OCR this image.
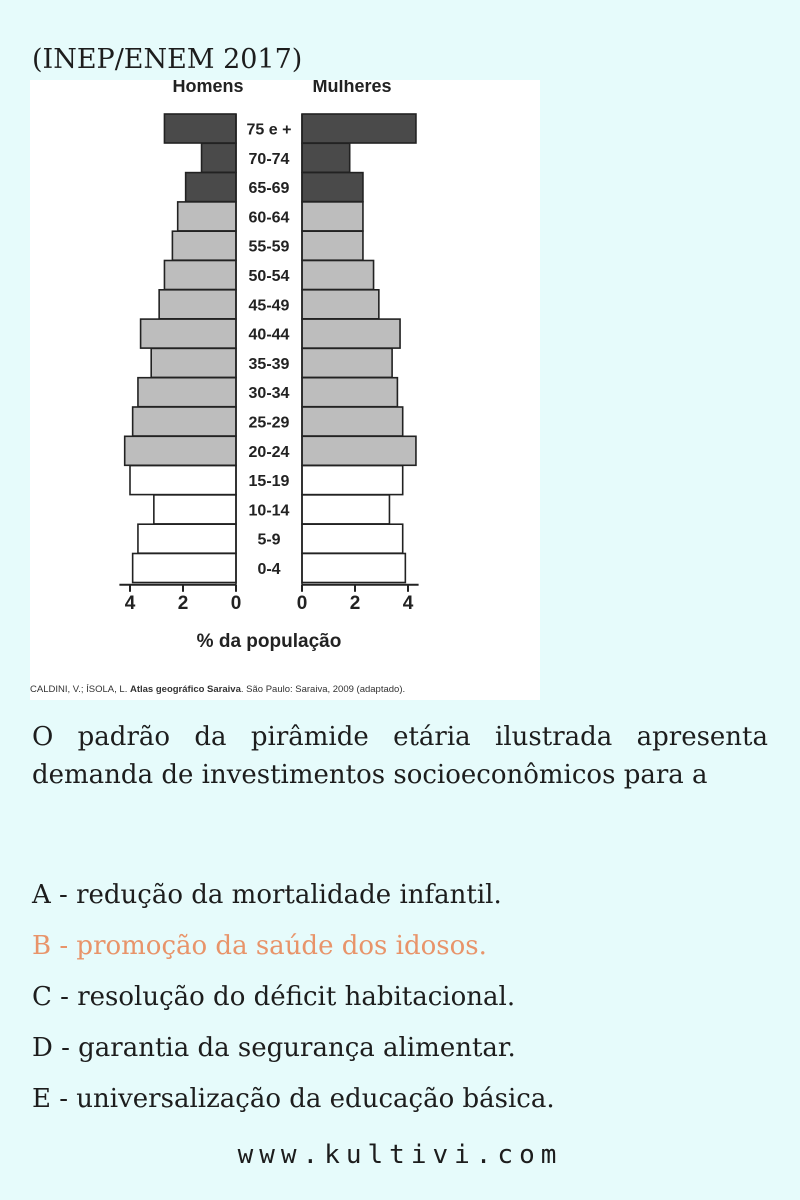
(INEP/ENEM 2017)
75 e +
70-74
65-69
60-64
55-59
50-54
45-49
40-44
35-39
30-34
25-29
20-24
15-19
10-14
5-9
0-4
Homens	Mulheres
4 2 0	0 2 4
% da população
CALDINI, V.; ÍSOLA, L. Atlas geográfico Saraiva. São Paulo: Saraiva, 2009 (adaptado).

O padrão da pirâmide etária ilustrada apresenta demanda de investimentos socioeconômicos para a

A - redução da mortalidade infantil.
B - promoção da saúde dos idosos.
C - resolução do déficit habitacional.
D - garantia da segurança alimentar.
E - universalização da educação básica.
www.kultivi.com
